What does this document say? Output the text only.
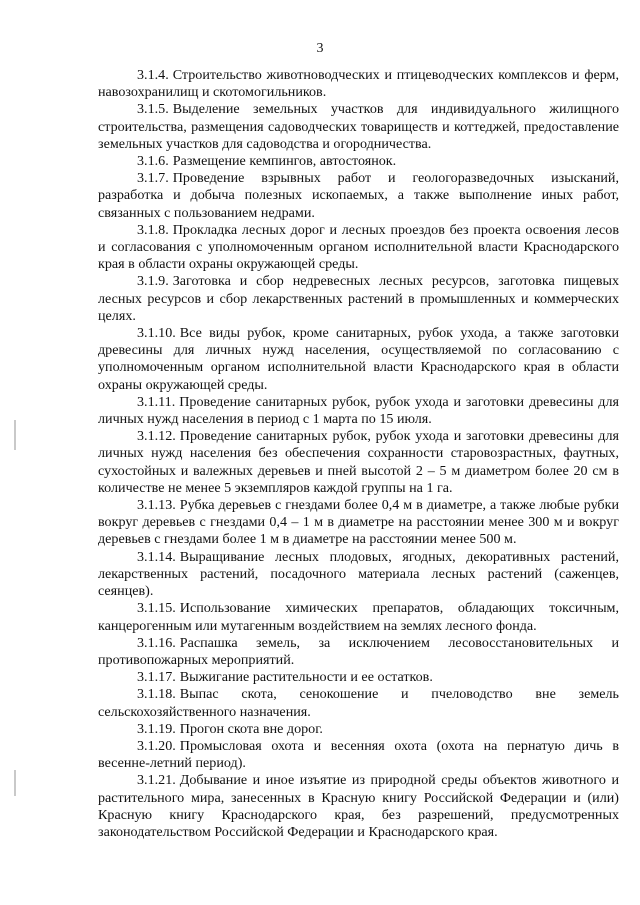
3

3.1.4. Строительство животноводческих и птицеводческих комплексов и ферм, навозохранилищ и скотомогильников.

3.1.5. Выделение земельных участков для индивидуального жилищного строительства, размещения садоводческих товариществ и коттеджей, предоставление земельных участков для садоводства и огородничества.

3.1.6. Размещение кемпингов, автостоянок.

3.1.7. Проведение взрывных работ и геологоразведочных изысканий, разработка и добыча полезных ископаемых, а также выполнение иных работ, связанных с пользованием недрами.

3.1.8. Прокладка лесных дорог и лесных проездов без проекта освоения лесов и согласования с уполномоченным органом исполнительной власти Краснодарского края в области охраны окружающей среды.

3.1.9. Заготовка и сбор недревесных лесных ресурсов, заготовка пищевых лесных ресурсов и сбор лекарственных растений в промышленных и коммерческих целях.

3.1.10. Все виды рубок, кроме санитарных, рубок ухода, а также заготовки древесины для личных нужд населения, осуществляемой по согласованию с уполномоченным органом исполнительной власти Краснодарского края в области охраны окружающей среды.

3.1.11. Проведение санитарных рубок, рубок ухода и заготовки древесины для личных нужд населения в период с 1 марта по 15 июля.

3.1.12. Проведение санитарных рубок, рубок ухода и заготовки древесины для личных нужд населения без обеспечения сохранности старовозрастных, фаутных, сухостойных и валежных деревьев и пней высотой 2 – 5 м диаметром более 20 см в количестве не менее 5 экземпляров каждой группы на 1 га.

3.1.13. Рубка деревьев с гнездами более 0,4 м в диаметре, а также любые рубки вокруг деревьев с гнездами 0,4 – 1 м в диаметре на расстоянии менее 300 м и вокруг деревьев с гнездами более 1 м в диаметре на расстоянии менее 500 м.

3.1.14. Выращивание лесных плодовых, ягодных, декоративных растений, лекарственных растений, посадочного материала лесных растений (саженцев, сеянцев).

3.1.15. Использование химических препаратов, обладающих токсичным, канцерогенным или мутагенным воздействием на землях лесного фонда.

3.1.16. Распашка земель, за исключением лесовосстановительных и противопожарных мероприятий.

3.1.17. Выжигание растительности и ее остатков.

3.1.18. Выпас скота, сенокошение и пчеловодство вне земель сельскохозяйственного назначения.

3.1.19. Прогон скота вне дорог.

3.1.20. Промысловая охота и весенняя охота (охота на пернатую дичь в весенне-летний период).

3.1.21. Добывание и иное изъятие из природной среды объектов животного и растительного мира, занесенных в Красную книгу Российской Федерации и (или) Красную книгу Краснодарского края, без разрешений, предусмотренных законодательством Российской Федерации и Краснодарского края.
